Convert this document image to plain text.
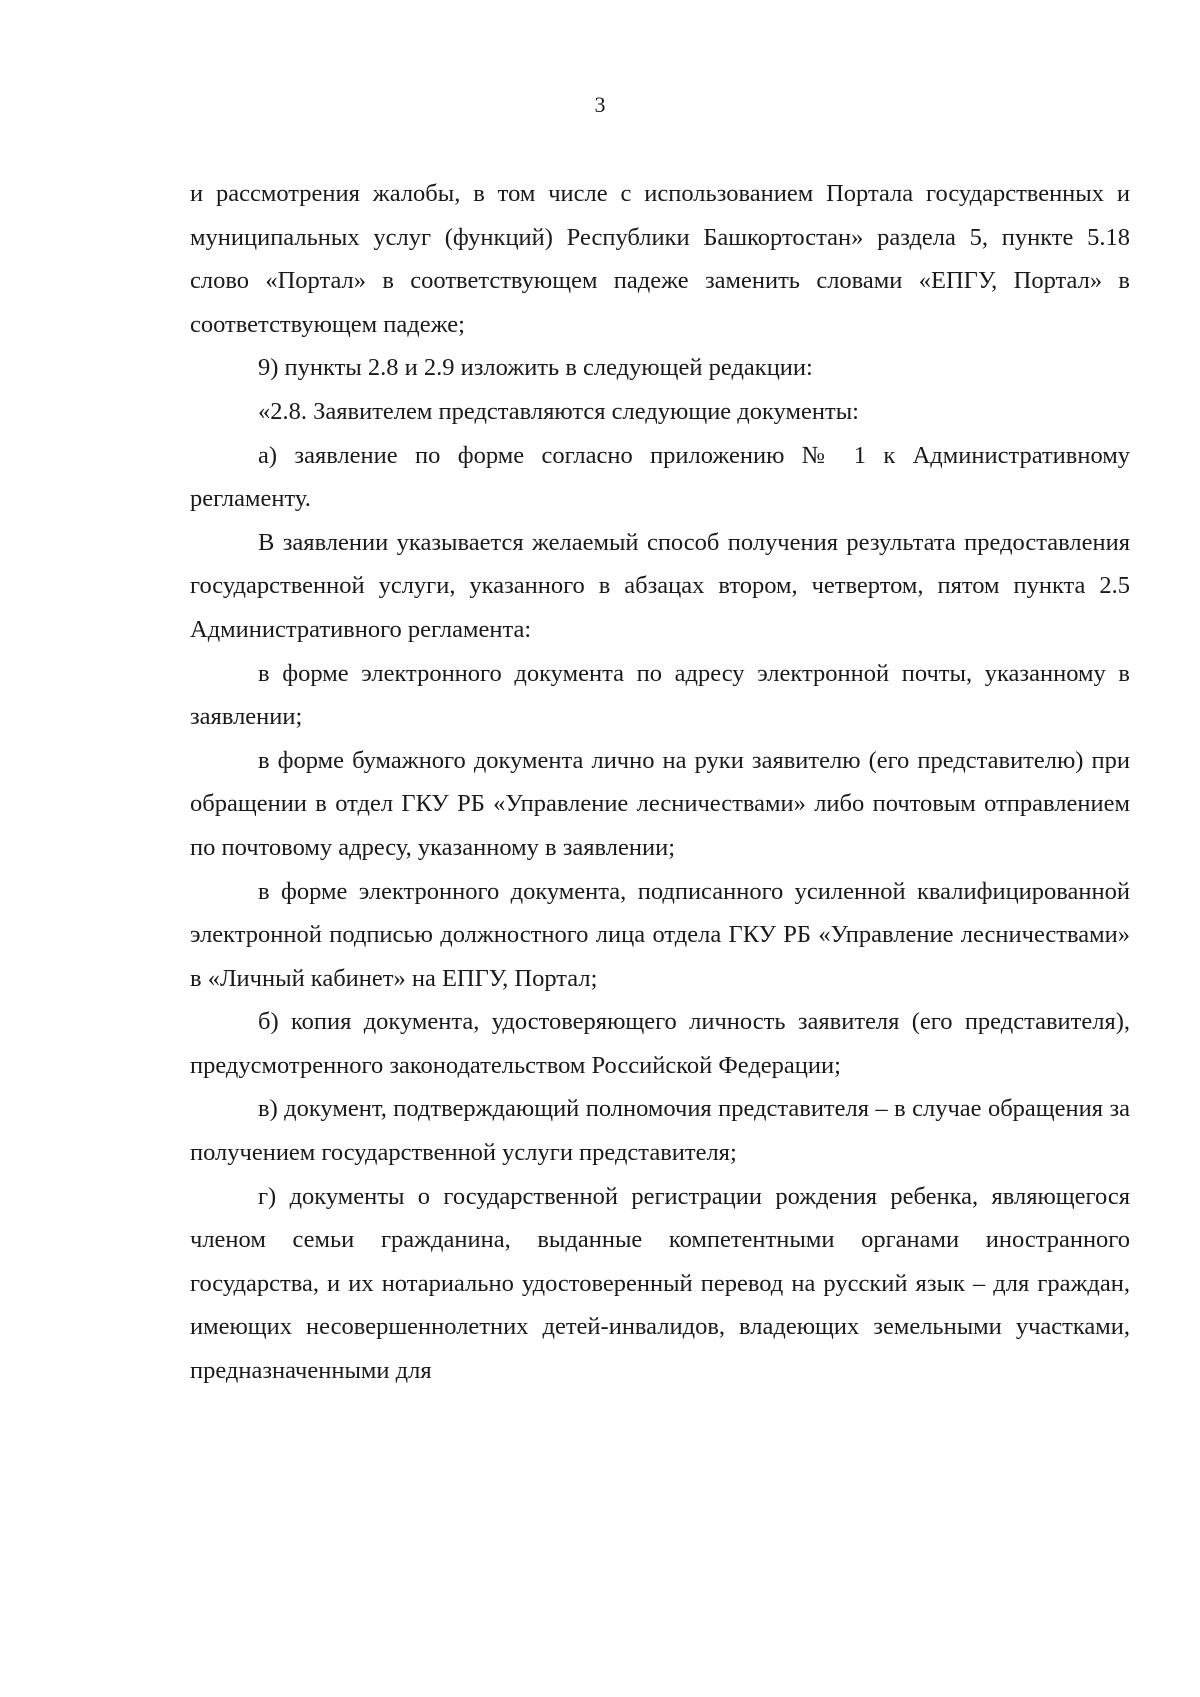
3

и рассмотрения жалобы, в том числе с использованием Портала государственных и муниципальных услуг (функций) Республики Башкортостан» раздела 5, пункте 5.18 слово «Портал» в соответствующем падеже заменить словами «ЕПГУ, Портал» в соответствующем падеже;

9) пункты 2.8 и 2.9 изложить в следующей редакции:

«2.8. Заявителем представляются следующие документы:

а) заявление по форме согласно приложению № 1 к Административному регламенту.

В заявлении указывается желаемый способ получения результата предоставления государственной услуги, указанного в абзацах втором, четвертом, пятом пункта 2.5 Административного регламента:

в форме электронного документа по адресу электронной почты, указанному в заявлении;

в форме бумажного документа лично на руки заявителю (его представителю) при обращении в отдел ГКУ РБ «Управление лесничествами» либо почтовым отправлением по почтовому адресу, указанному в заявлении;

в форме электронного документа, подписанного усиленной квалифицированной электронной подписью должностного лица отдела ГКУ РБ «Управление лесничествами» в «Личный кабинет» на ЕПГУ, Портал;

б) копия документа, удостоверяющего личность заявителя (его представителя), предусмотренного законодательством Российской Федерации;

в) документ, подтверждающий полномочия представителя – в случае обращения за получением государственной услуги представителя;

г) документы о государственной регистрации рождения ребенка, являющегося членом семьи гражданина, выданные компетентными органами иностранного государства, и их нотариально удостоверенный перевод на русский язык – для граждан, имеющих несовершеннолетних детей-инвалидов, владеющих земельными участками, предназначенными для
